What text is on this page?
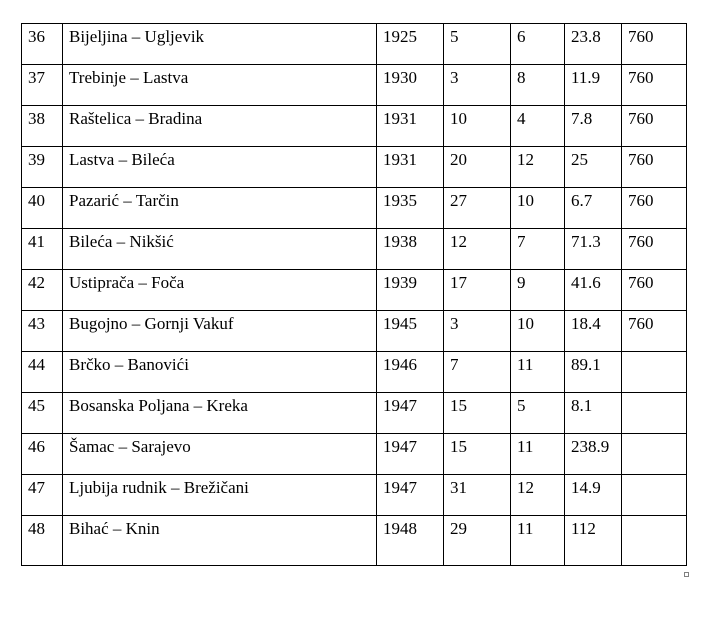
36	Bijeljina – Ugljevik	1925	5	6	23.8	760
37	Trebinje – Lastva	1930	3	8	11.9	760
38	Raštelica – Bradina	1931	10	4	7.8	760
39	Lastva – Bileća	1931	20	12	25	760
40	Pazarić – Tarčin	1935	27	10	6.7	760
41	Bileća – Nikšić	1938	12	7	71.3	760
42	Ustiprača – Foča	1939	17	9	41.6	760
43	Bugojno – Gornji Vakuf	1945	3	10	18.4	760
44	Brčko – Banovići	1946	7	11	89.1	
45	Bosanska Poljana – Kreka	1947	15	5	8.1	
46	Šamac – Sarajevo	1947	15	11	238.9	
47	Ljubija rudnik – Brežičani	1947	31	12	14.9	
48	Bihać – Knin	1948	29	11	112	
